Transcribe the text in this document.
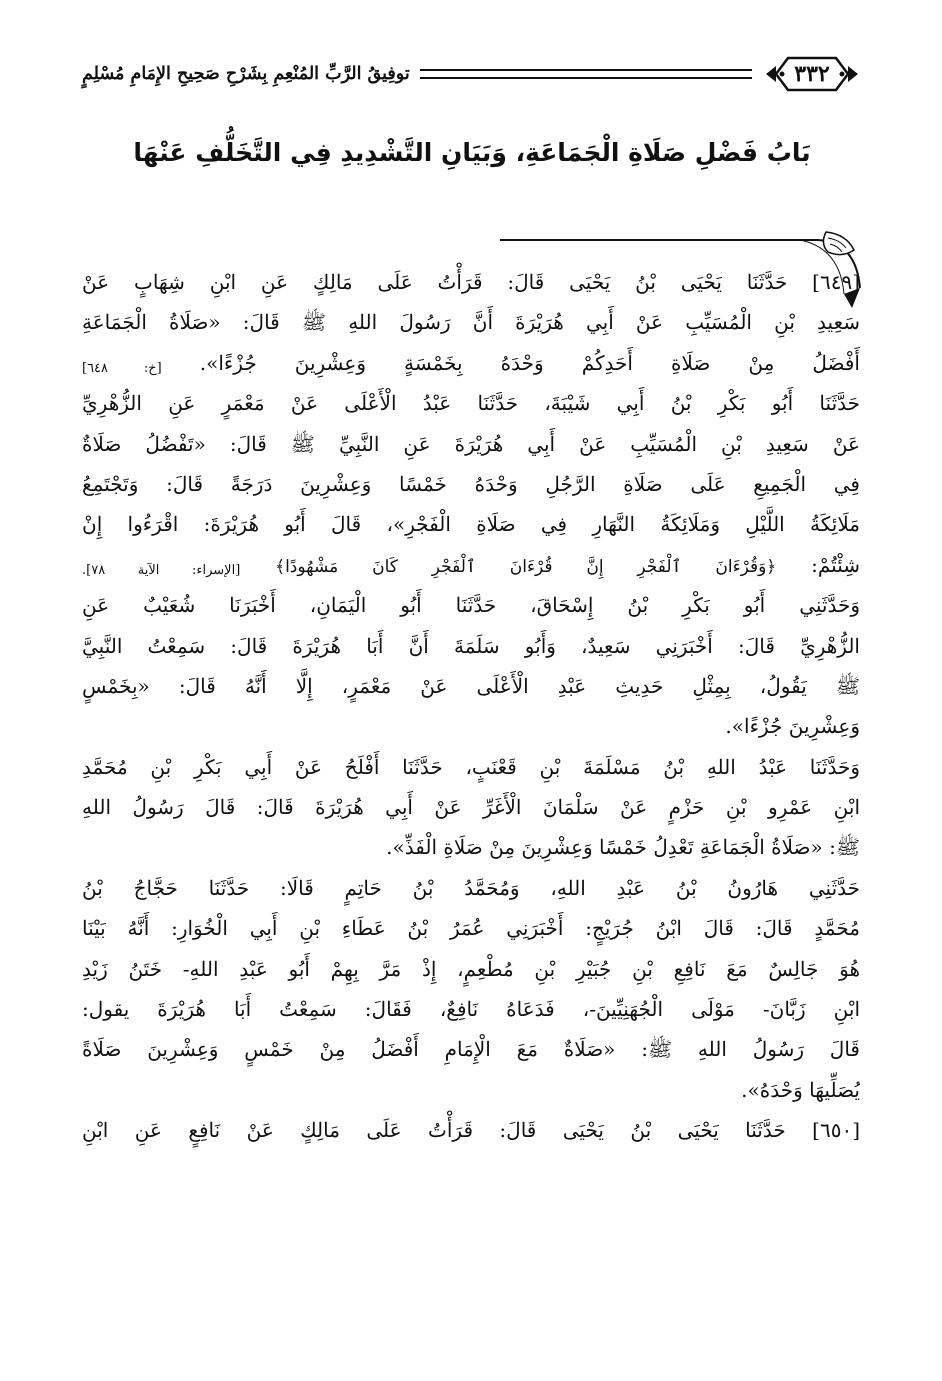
٣٣٢
توفِيقُ الرَّبِّ المُنْعِمِ بِشَرْحِ صَحِيحِ الإِمَامِ مُسْلِمٍ
بَابُ فَضْلِ صَلَاةِ الْجَمَاعَةِ، وَبَيَانِ التَّشْدِيدِ فِي التَّخَلُّفِ عَنْهَا
[٦٤٩] حَدَّثَنَا يَحْيَى بْنُ يَحْيَى قَالَ: قَرَأْتُ عَلَى مَالِكٍ عَنِ ابْنِ شِهَابٍ عَنْ
سَعِيدِ بْنِ الْمُسَيِّبِ عَنْ أَبِي هُرَيْرَةَ أَنَّ رَسُولَ اللهِ ﷺ قَالَ: «صَلَاةُ الْجَمَاعَةِ
أَفْضَلُ مِنْ صَلَاةِ أَحَدِكُمْ وَحْدَهُ بِخَمْسَةٍ وَعِشْرِينَ جُزْءًا». [خ: ٦٤٨]
حَدَّثَنَا أَبُو بَكْرِ بْنُ أَبِي شَيْبَةَ، حَدَّثَنَا عَبْدُ الْأَعْلَى عَنْ مَعْمَرٍ عَنِ الزُّهْرِيِّ
عَنْ سَعِيدِ بْنِ الْمُسَيِّبِ عَنْ أَبِي هُرَيْرَةَ عَنِ النَّبِيِّ ﷺ قَالَ: «تَفْضُلُ صَلَاةٌ
فِي الْجَمِيعِ عَلَى صَلَاةِ الرَّجُلِ وَحْدَهُ خَمْسًا وَعِشْرِينَ دَرَجَةً قَالَ: وَتَجْتَمِعُ
مَلَائِكَةُ اللَّيْلِ وَمَلَائِكَةُ النَّهَارِ فِي صَلَاةِ الْفَجْرِ»، قَالَ أَبُو هُرَيْرَةَ: اقْرَءُوا إِنْ
شِئْتُمْ: ﴿وَقُرْءَانَ ٱلْفَجْرِ إِنَّ قُرْءَانَ ٱلْفَجْرِ كَانَ مَشْهُودًا﴾ $^{[الإسراء: الآية ٧٨].}$
وَحَدَّثَنِي أَبُو بَكْرِ بْنُ إِسْحَاقَ، حَدَّثَنَا أَبُو الْيَمَانِ، أَخْبَرَنَا شُعَيْبٌ عَنِ
الزُّهْرِيِّ قَالَ: أَخْبَرَنِي سَعِيدٌ، وَأَبُو سَلَمَةَ أَنَّ أَبَا هُرَيْرَةَ قَالَ: سَمِعْتُ النَّبِيَّ
ﷺ يَقُولُ، بِمِثْلِ حَدِيثِ عَبْدِ الْأَعْلَى عَنْ مَعْمَرٍ، إِلَّا أَنَّهُ قَالَ: «بِخَمْسٍ
وَعِشْرِينَ جُزْءًا».
وَحَدَّثَنَا عَبْدُ اللهِ بْنُ مَسْلَمَةَ بْنِ قَعْنَبٍ، حَدَّثَنَا أَفْلَحُ عَنْ أَبِي بَكْرِ بْنِ مُحَمَّدِ
ابْنِ عَمْرِو بْنِ حَزْمٍ عَنْ سَلْمَانَ الْأَغَرِّ عَنْ أَبِي هُرَيْرَةَ قَالَ: قَالَ رَسُولُ اللهِ
ﷺ: «صَلَاةُ الْجَمَاعَةِ تَعْدِلُ خَمْسًا وَعِشْرِينَ مِنْ صَلَاةِ الْفَذِّ».
حَدَّثَنِي هَارُونُ بْنُ عَبْدِ اللهِ، وَمُحَمَّدُ بْنُ حَاتِمٍ قَالَا: حَدَّثَنَا حَجَّاجُ بْنُ
مُحَمَّدٍ قَالَ: قَالَ ابْنُ جُرَيْجٍ: أَخْبَرَنِي عُمَرُ بْنُ عَطَاءِ بْنِ أَبِي الْخُوَارِ: أَنَّهُ بَيْنَا
هُوَ جَالِسٌ مَعَ نَافِعِ بْنِ جُبَيْرِ بْنِ مُطْعِمٍ، إِذْ مَرَّ بِهِمْ أَبُو عَبْدِ اللهِ- خَتَنُ زَيْدِ
ابْنِ زَبَّانَ- مَوْلَى الْجُهَنِيِّينَ-، فَدَعَاهُ نَافِعٌ، فَقَالَ: سَمِعْتُ أَبَا هُرَيْرَةَ يقول:
قَالَ رَسُولُ اللهِ ﷺ: «صَلَاةٌ مَعَ الْإِمَامِ أَفْضَلُ مِنْ خَمْسٍ وَعِشْرِينَ صَلَاةً
يُصَلِّيهَا وَحْدَهُ».
[٦٥٠] حَدَّثَنَا يَحْيَى بْنُ يَحْيَى قَالَ: قَرَأْتُ عَلَى مَالِكٍ عَنْ نَافِعٍ عَنِ ابْنِ
